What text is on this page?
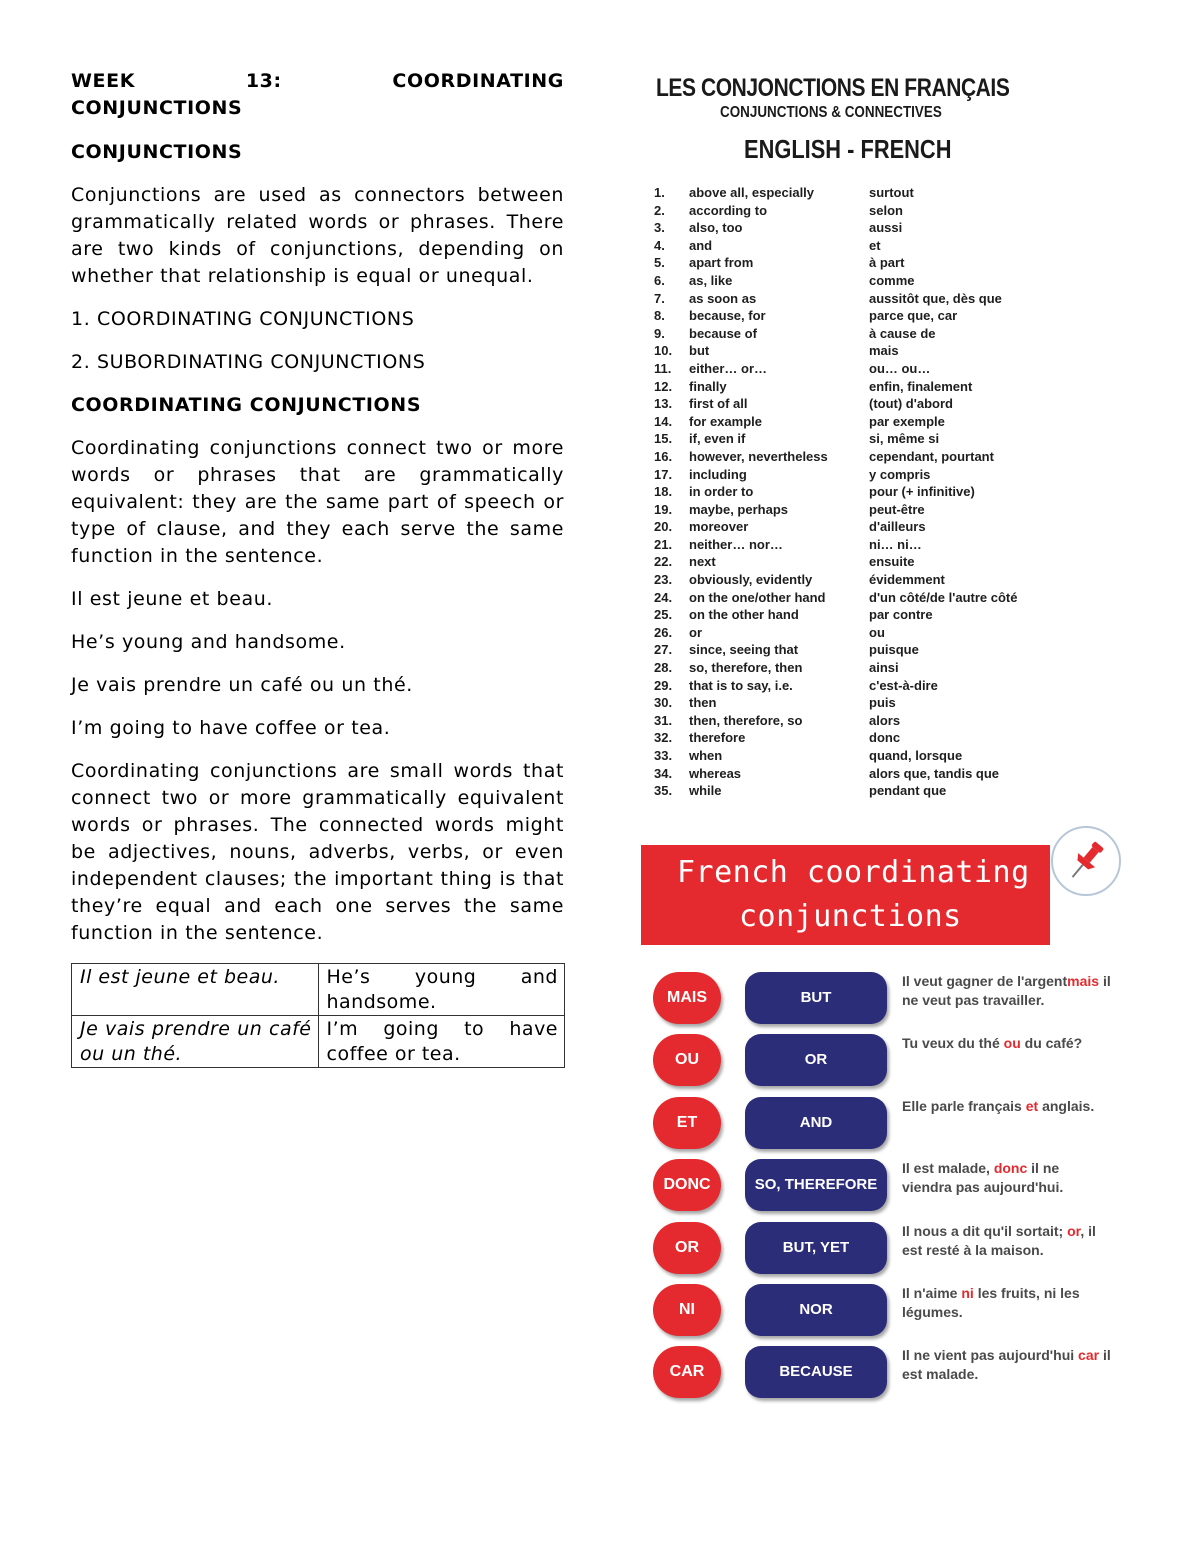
WEEK	13:	COORDINATING

CONJUNCTIONS

CONJUNCTIONS

Conjunctions are used as connectors between grammatically related words or phrases. There are two kinds of conjunctions, depending on whether that relationship is equal or unequal.

1. COORDINATING CONJUNCTIONS

2. SUBORDINATING CONJUNCTIONS

COORDINATING CONJUNCTIONS

Coordinating conjunctions connect two or more words or phrases that are grammatically equivalent: they are the same part of speech or type of clause, and they each serve the same function in the sentence.

Il est jeune et beau.

He’s young and handsome.

Je vais prendre un café ou un thé.

I’m going to have coffee or tea.

Coordinating conjunctions are small words that connect two or more grammatically equivalent words or phrases. The connected words might be adjectives, nouns, adverbs, verbs, or even independent clauses; the important thing is that they’re equal and each one serves the same function in the sentence.

Il est jeune et beau.	He’s young and handsome.
Je vais prendre un café ou un thé.	I’m going to have coffee or tea.
LES CONJONCTIONS EN FRANÇAIS
CONJUNCTIONS & CONNECTIVES
ENGLISH - FRENCH
1.	above all, especially	surtout
2.	according to	selon
3.	also, too	aussi
4.	and	et
5.	apart from	à part
6.	as, like	comme
7.	as soon as	aussitôt que, dès que
8.	because, for	parce que, car
9.	because of	à cause de
10.	but	mais
11.	either… or…	ou… ou…
12.	finally	enfin, finalement
13.	first of all	(tout) d'abord
14.	for example	par exemple
15.	if, even if	si, même si
16.	however, nevertheless	cependant, pourtant
17.	including	y compris
18.	in order to	pour (+ infinitive)
19.	maybe, perhaps	peut-être
20.	moreover	d'ailleurs
21.	neither… nor…	ni… ni…
22.	next	ensuite
23.	obviously, evidently	évidemment
24.	on the one/other hand	d'un côté/de l'autre côté
25.	on the other hand	par contre
26.	or	ou
27.	since, seeing that	puisque
28.	so, therefore, then	ainsi
29.	that is to say, i.e.	c'est-à-dire
30.	then	puis
31.	then, therefore, so	alors
32.	therefore	donc
33.	when	quand, lorsque
34.	whereas	alors que, tandis que
35.	while	pendant que
French coordinating
conjunctions
MAIS	BUT
Il veut gagner de l'argentmais il ne veut pas travailler.
OU	OR
Tu veux du thé ou du café?
ET	AND
Elle parle français et anglais.
DONC	SO, THEREFORE
Il est malade, donc il ne viendra pas aujourd'hui.
OR	BUT, YET
Il nous a dit qu'il sortait; or, il est resté à la maison.
NI	NOR
Il n'aime ni les fruits, ni les légumes.
CAR	BECAUSE
Il ne vient pas aujourd'hui car il est malade.
